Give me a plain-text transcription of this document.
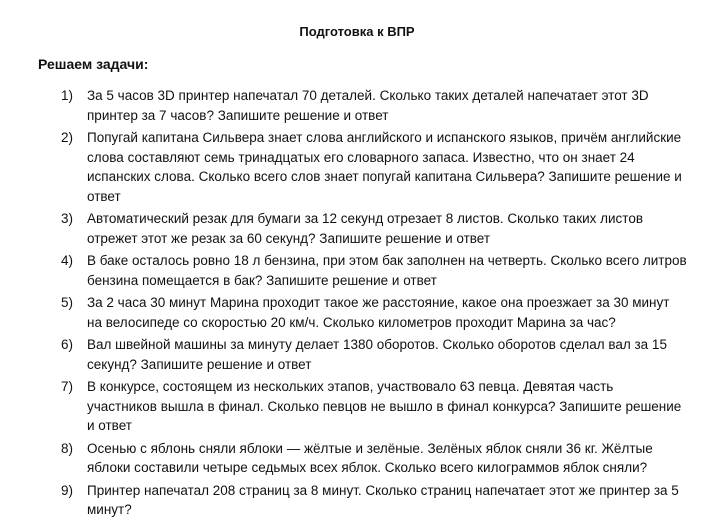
Подготовка к ВПР
Решаем задачи:
1) За 5 часов 3D принтер напечатал 70 деталей. Сколько таких деталей напечатает этот 3D принтер за 7 часов? Запишите решение и ответ
2) Попугай капитана Сильвера знает слова английского и испанского языков, причём английские слова составляют семь тринадцатых его словарного запаса. Известно, что он знает 24 испанских слова. Сколько всего слов знает попугай капитана Сильвера? Запишите решение и ответ
3) Автоматический резак для бумаги за 12 секунд отрезает 8 листов. Сколько таких листов отрежет этот же резак за 60 секунд? Запишите решение и ответ
4) В баке осталось ровно 18 л бензина, при этом бак заполнен на четверть. Сколько всего литров бензина помещается в бак? Запишите решение и ответ
5) За 2 часа 30 минут Марина проходит такое же расстояние, какое она проезжает за 30 минут на велосипеде со скоростью 20 км/ч. Сколько километров проходит Марина за час?
6) Вал швейной машины за минуту делает 1380 оборотов. Сколько оборотов сделал вал за 15 секунд? Запишите решение и ответ
7) В конкурсе, состоящем из нескольких этапов, участвовало 63 певца. Девятая часть участников вышла в финал. Сколько певцов не вышло в финал конкурса? Запишите решение и ответ
8) Осенью с яблонь сняли яблоки — жёлтые и зелёные. Зелёных яблок сняли 36 кг. Жёлтые яблоки составили четыре седьмых всех яблок. Сколько всего килограммов яблок сняли?
9) Принтер напечатал 208 страниц за 8 минут. Сколько страниц напечатает этот же принтер за 5 минут?
